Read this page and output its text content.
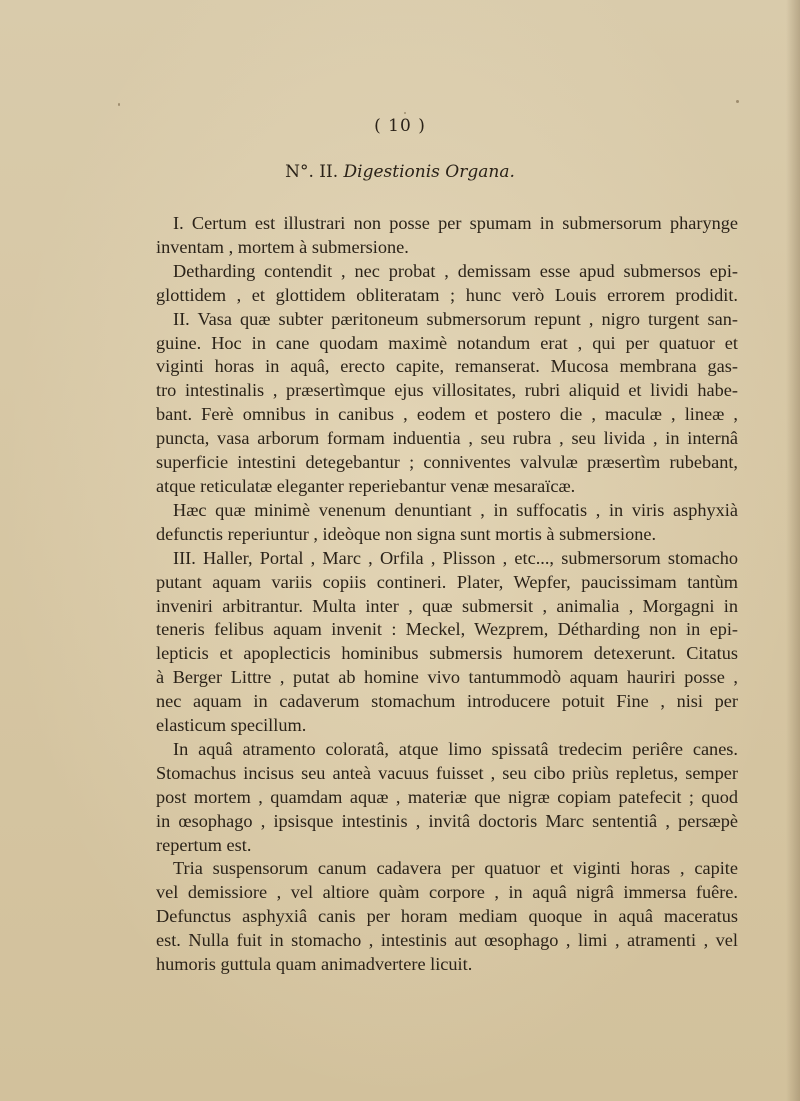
( 10 )
N°. II. Digestionis Organa.
I. Certum est illustrari non posse per spumam in submersorum pharynge
inventam , mortem à submersione.
Detharding contendit , nec probat , demissam esse apud submersos epi-
glottidem , et glottidem obliteratam ; hunc verò Louis errorem prodidit.
II. Vasa quæ subter pæritoneum submersorum repunt , nigro turgent san-
guine. Hoc in cane quodam maximè notandum erat , qui per quatuor et
viginti horas in aquâ, erecto capite, remanserat. Mucosa membrana gas-
tro intestinalis , præsertìmque ejus villositates, rubri aliquid et lividi habe-
bant. Ferè omnibus in canibus , eodem et postero die , maculæ , lineæ ,
puncta, vasa arborum formam induentia , seu rubra , seu livida , in internâ
superficie intestini detegebantur ; conniventes valvulæ præsertìm rubebant,
atque reticulatæ eleganter reperiebantur venæ mesaraïcæ.
Hæc quæ minimè venenum denuntiant , in suffocatis , in viris asphyxià
defunctis reperiuntur , ideòque non signa sunt mortis à submersione.
III. Haller, Portal , Marc , Orfila , Plisson , etc..., submersorum stomacho
putant aquam variis copiis contineri. Plater, Wepfer, paucissimam tantùm
inveniri arbitrantur. Multa inter , quæ submersit , animalia , Morgagni in
teneris felibus aquam invenit : Meckel, Wezprem, Détharding non in epi-
lepticis et apoplecticis hominibus submersis humorem detexerunt. Citatus
à Berger Littre , putat ab homine vivo tantummodò aquam hauriri posse ,
nec aquam in cadaverum stomachum introducere potuit Fine , nisi per
elasticum specillum.
In aquâ atramento coloratâ, atque limo spissatâ tredecim periêre canes.
Stomachus incisus seu anteà vacuus fuisset , seu cibo priùs repletus, semper
post mortem , quamdam aquæ , materiæ que nigræ copiam patefecit ; quod
in œsophago , ipsisque intestinis , invitâ doctoris Marc sententiâ , persæpè
repertum est.
Tria suspensorum canum cadavera per quatuor et viginti horas , capite
vel demissiore , vel altiore quàm corpore , in aquâ nigrâ immersa fuêre.
Defunctus asphyxiâ canis per horam mediam quoque in aquâ maceratus
est. Nulla fuit in stomacho , intestinis aut œsophago , limi , atramenti , vel
humoris guttula quam animadvertere licuit.
